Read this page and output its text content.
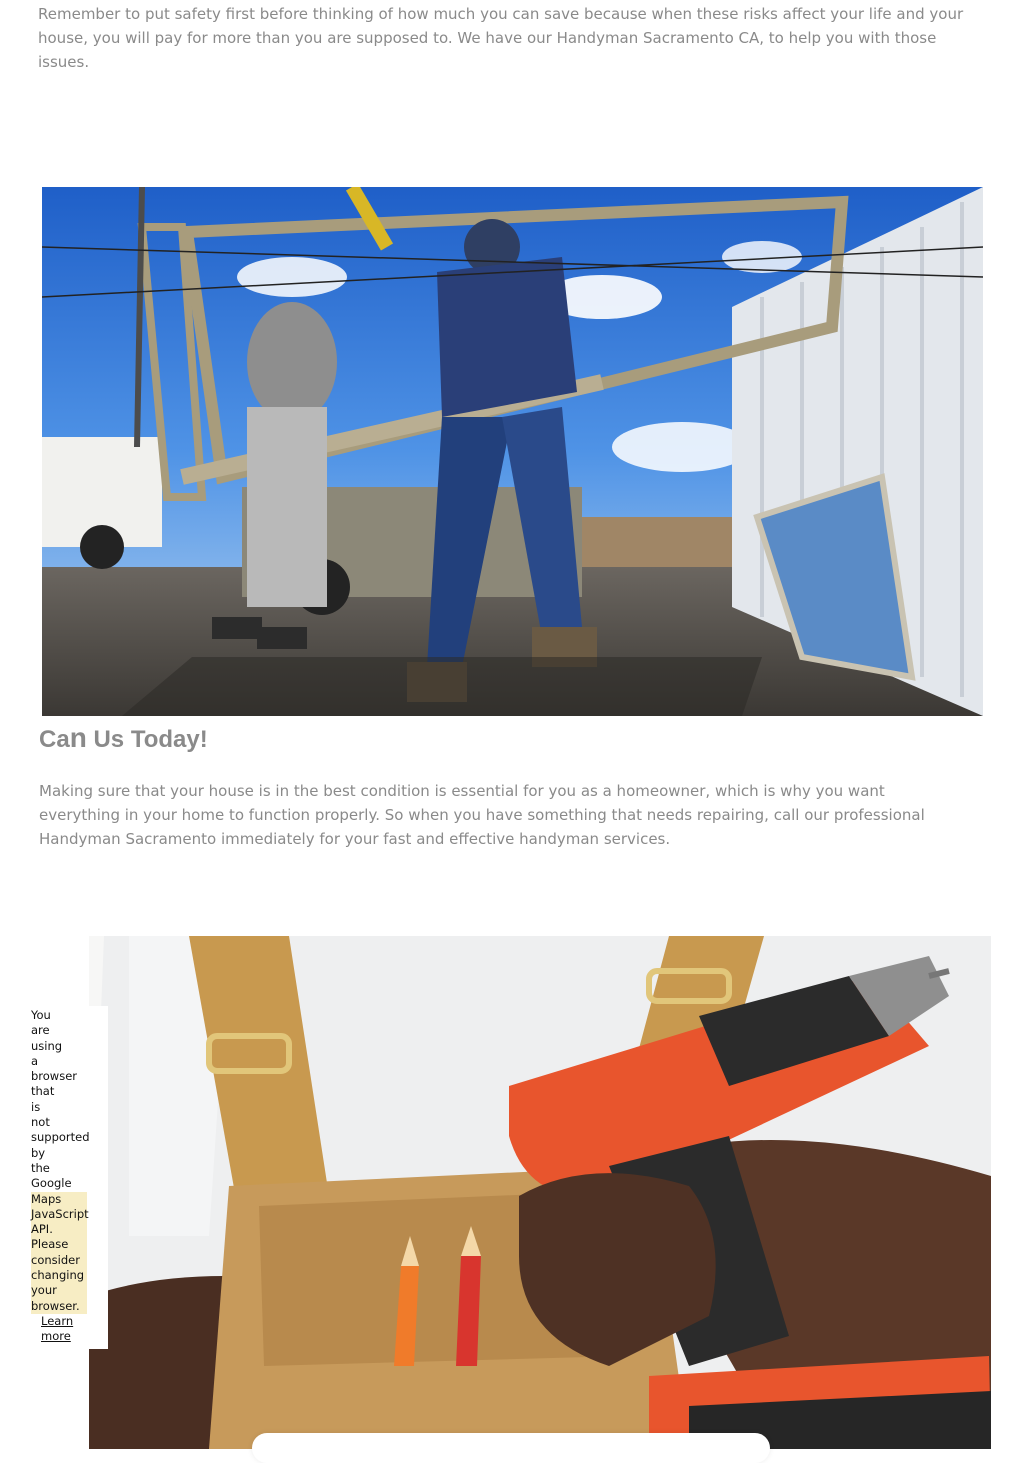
Remember to put safety first before thinking of how much you can save because when these risks affect your life and your house, you will pay for more than you are supposed to. We have our Handyman Sacramento CA, to help you with those issues.

Can Us Today!

Making sure that your house is in the best condition is essential for you as a homeowner, which is why you want everything in your home to function properly. So when you have something that needs repairing, call our professional Handyman Sacramento immediately for your fast and effective handyman services.

You
are
using
a
browser
that
is
not
supported
by
the
Google
Maps
JavaScript
API.
Please
consider
changing
your
browser.
Learn more
